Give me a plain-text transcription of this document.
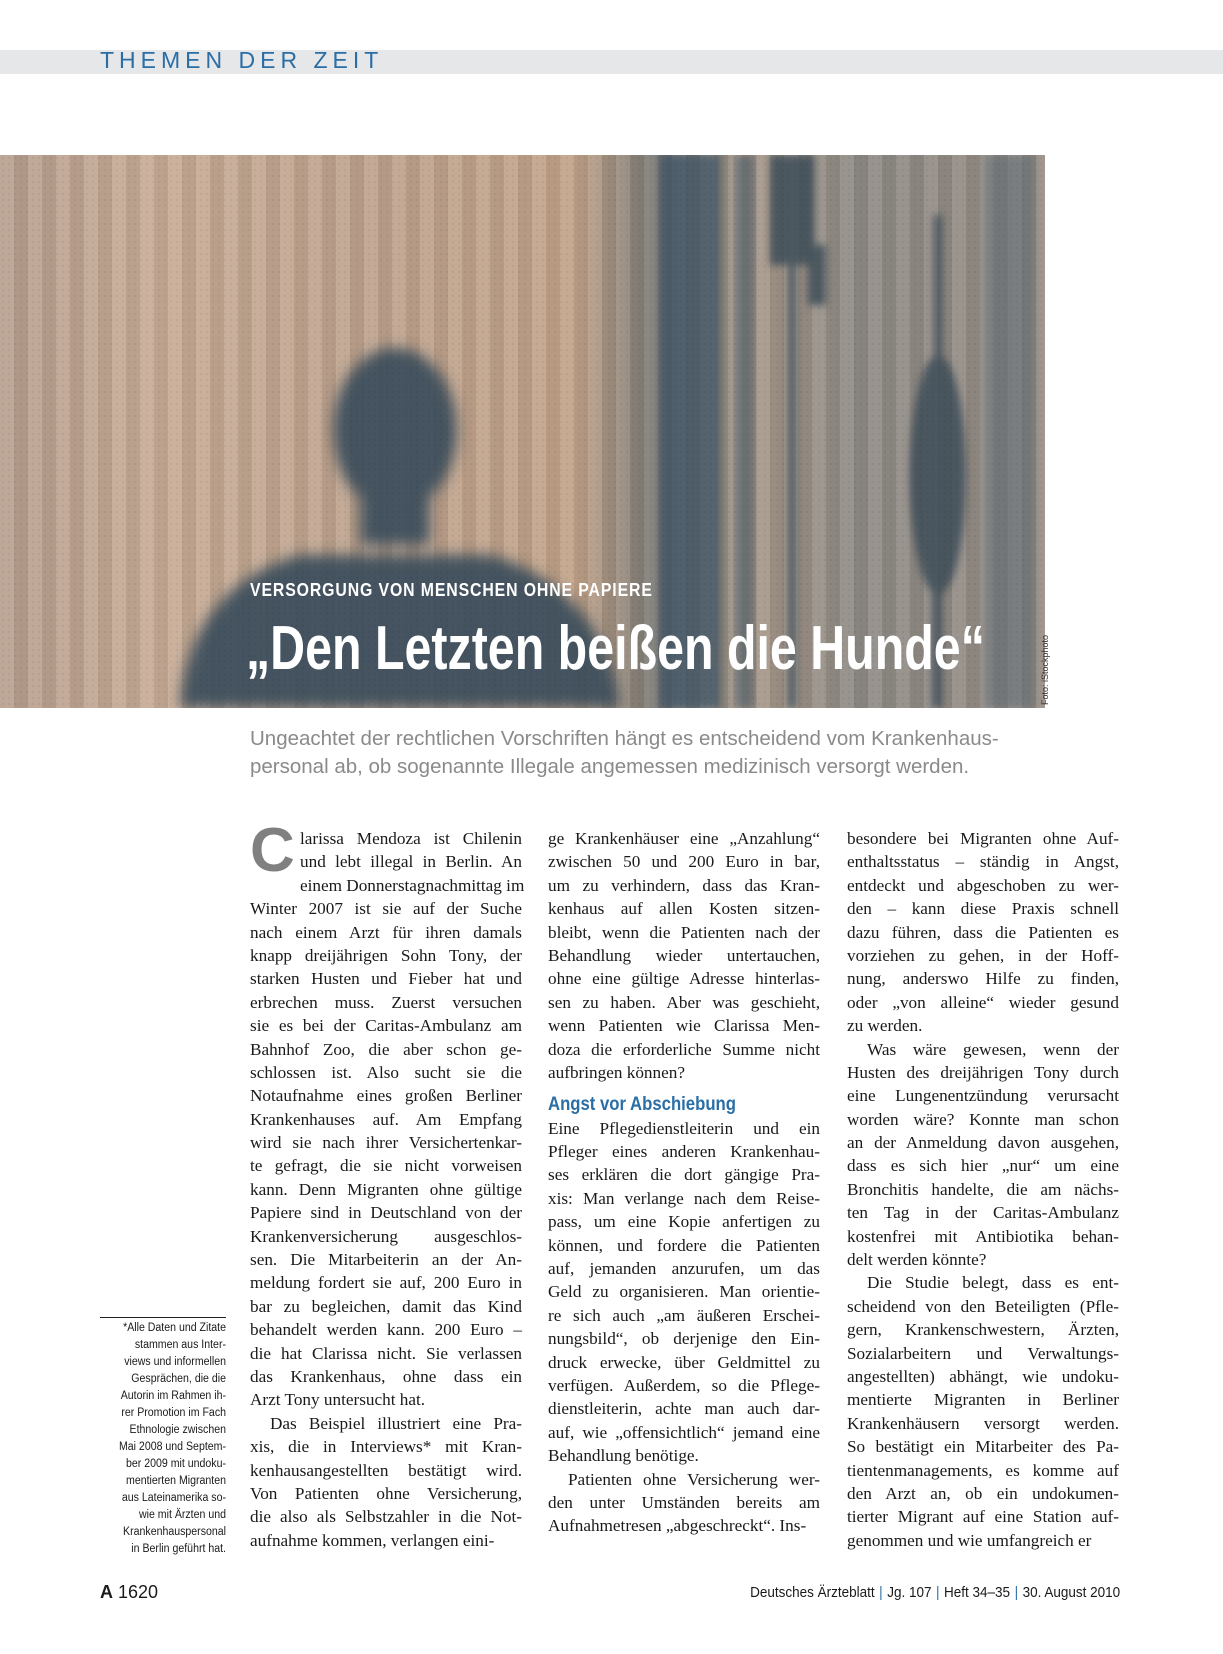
THEMEN DER ZEIT
VERSORGUNG VON MENSCHEN OHNE PAPIERE
„Den Letzten beißen die Hunde“	Foto: iStockphoto
Ungeachtet der rechtlichen Vorschriften hängt es entscheidend vom Krankenhaus-
personal ab, ob sogenannte Illegale angemessen medizinisch versorgt werden.
C larissa Mendoza ist Chilenin
und lebt illegal in Berlin. An
einem Donnerstagnachmittag im
Winter 2007 ist sie auf der Suche
nach einem Arzt für ihren damals
knapp dreijährigen Sohn Tony, der
starken Husten und Fieber hat und
erbrechen muss. Zuerst versuchen
sie es bei der Caritas-Ambulanz am
Bahnhof Zoo, die aber schon ge-
schlossen ist. Also sucht sie die
Notaufnahme eines großen Berliner
Krankenhauses auf. Am Empfang
wird sie nach ihrer Versichertenkar-
te gefragt, die sie nicht vorweisen
kann. Denn Migranten ohne gültige
Papiere sind in Deutschland von der
Krankenversicherung ausgeschlos-
sen. Die Mitarbeiterin an der An-
meldung fordert sie auf, 200 Euro in
bar zu begleichen, damit das Kind
behandelt werden kann. 200 Euro –
die hat Clarissa nicht. Sie verlassen
das Krankenhaus, ohne dass ein
Arzt Tony untersucht hat.
Das Beispiel illustriert eine Pra-
xis, die in Interviews* mit Kran-
kenhausangestellten bestätigt wird.
Von Patienten ohne Versicherung,
die also als Selbstzahler in die Not-
aufnahme kommen, verlangen eini-
ge Krankenhäuser eine „Anzahlung“
zwischen 50 und 200 Euro in bar,
um zu verhindern, dass das Kran-
kenhaus auf allen Kosten sitzen-
bleibt, wenn die Patienten nach der
Behandlung wieder untertauchen,
ohne eine gültige Adresse hinterlas-
sen zu haben. Aber was geschieht,
wenn Patienten wie Clarissa Men-
doza die erforderliche Summe nicht
aufbringen können?
Angst vor Abschiebung
Eine Pflegedienstleiterin und ein
Pfleger eines anderen Krankenhau-
ses erklären die dort gängige Pra-
xis: Man verlange nach dem Reise-
pass, um eine Kopie anfertigen zu
können, und fordere die Patienten
auf, jemanden anzurufen, um das
Geld zu organisieren. Man orientie-
re sich auch „am äußeren Erschei-
nungsbild“, ob derjenige den Ein-
druck erwecke, über Geldmittel zu
verfügen. Außerdem, so die Pflege-
dienstleiterin, achte man auch dar-
auf, wie „offensichtlich“ jemand eine
Behandlung benötige.
Patienten ohne Versicherung wer-
den unter Umständen bereits am
Aufnahmetresen „abgeschreckt“. Ins-
besondere bei Migranten ohne Auf-
enthaltsstatus – ständig in Angst,
entdeckt und abgeschoben zu wer-
den – kann diese Praxis schnell
dazu führen, dass die Patienten es
vorziehen zu gehen, in der Hoff-
nung, anderswo Hilfe zu finden,
oder „von alleine“ wieder gesund
zu werden.
Was wäre gewesen, wenn der
Husten des dreijährigen Tony durch
eine Lungenentzündung verursacht
worden wäre? Konnte man schon
an der Anmeldung davon ausgehen,
dass es sich hier „nur“ um eine
Bronchitis handelte, die am nächs-
ten Tag in der Caritas-Ambulanz
kostenfrei mit Antibiotika behan-
delt werden könnte?
Die Studie belegt, dass es ent-
scheidend von den Beteiligten (Pfle-
gern, Krankenschwestern, Ärzten,
Sozialarbeitern und Verwaltungs-
angestellten) abhängt, wie undoku-
mentierte Migranten in Berliner
Krankenhäusern versorgt werden.
So bestätigt ein Mitarbeiter des Pa-
tientenmanagements, es komme auf
den Arzt an, ob ein undokumen-
tierter Migrant auf eine Station auf-
genommen und wie umfangreich er
*Alle Daten und Zitate
stammen aus Inter-
views und informellen
Gesprächen, die die
Autorin im Rahmen ih-
rer Promotion im Fach
Ethnologie zwischen
Mai 2008 und Septem-
ber 2009 mit undoku-
mentierten Migranten
aus Lateinamerika so-
wie mit Ärzten und
Krankenhauspersonal
in Berlin geführt hat.
A 1620	Deutsches Ärzteblatt | Jg. 107 | Heft 34–35 | 30. August 2010
